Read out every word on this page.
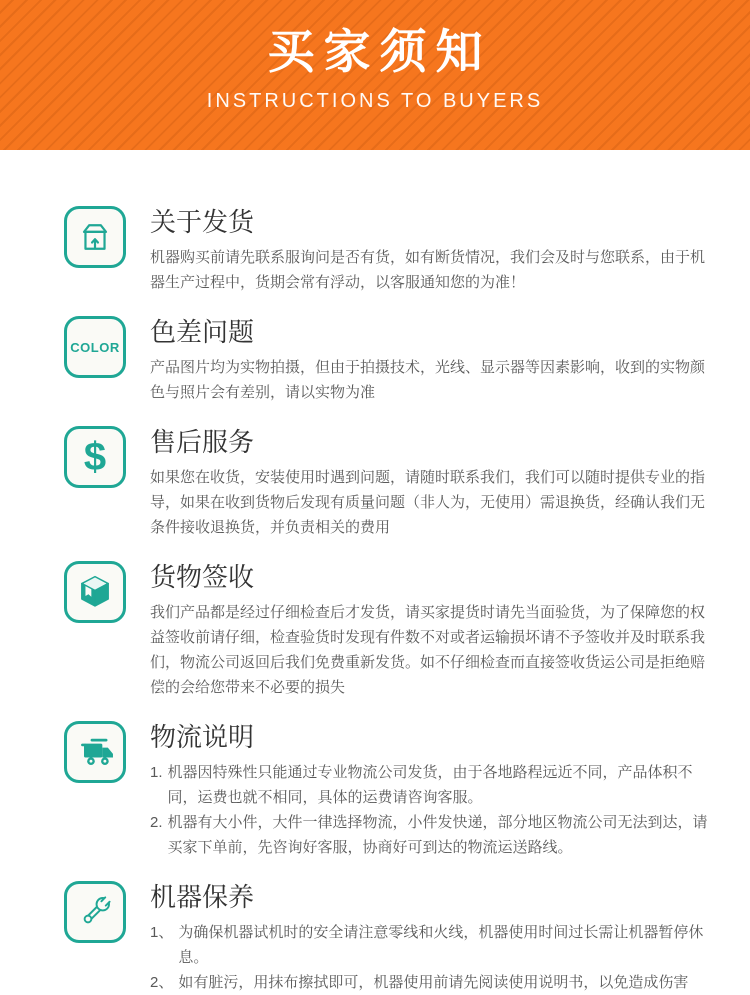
买家须知
INSTRUCTIONS TO BUYERS
关于发货
机器购买前请先联系服询问是否有货，如有断货情况，我们会及时与您联系，由于机器生产过程中，货期会常有浮动，以客服通知您的为准！
COLOR 色差问题
产品图片均为实物拍摄，但由于拍摄技术，光线、显示器等因素影响，收到的实物颜色与照片会有差别，请以实物为准
$ 售后服务
如果您在收货，安装使用时遇到问题，请随时联系我们，我们可以随时提供专业的指导，如果在收到货物后发现有质量问题（非人为，无使用）需退换货，经确认我们无条件接收退换货，并负责相关的费用
货物签收
我们产品都是经过仔细检查后才发货，请买家提货时请先当面验货，为了保障您的权益签收前请仔细，检查验货时发现有件数不对或者运输损坏请不予签收并及时联系我们，物流公司返回后我们免费重新发货。如不仔细检查而直接签收货运公司是拒绝赔偿的会给您带来不必要的损失
物流说明
1. 机器因特殊性只能通过专业物流公司发货，由于各地路程远近不同，产品体积不同，运费也就不相同，具体的运费请咨询客服。
2. 机器有大小件，大件一律选择物流，小件发快递，部分地区物流公司无法到达，请买家下单前，先咨询好客服，协商好可到达的物流运送路线。
机器保养
1、 为确保机器试机时的安全请注意零线和火线，机器使用时间过长需让机器暂停休息。
2、 如有脏污，用抹布擦拭即可，机器使用前请先阅读使用说明书，以免造成伤害
